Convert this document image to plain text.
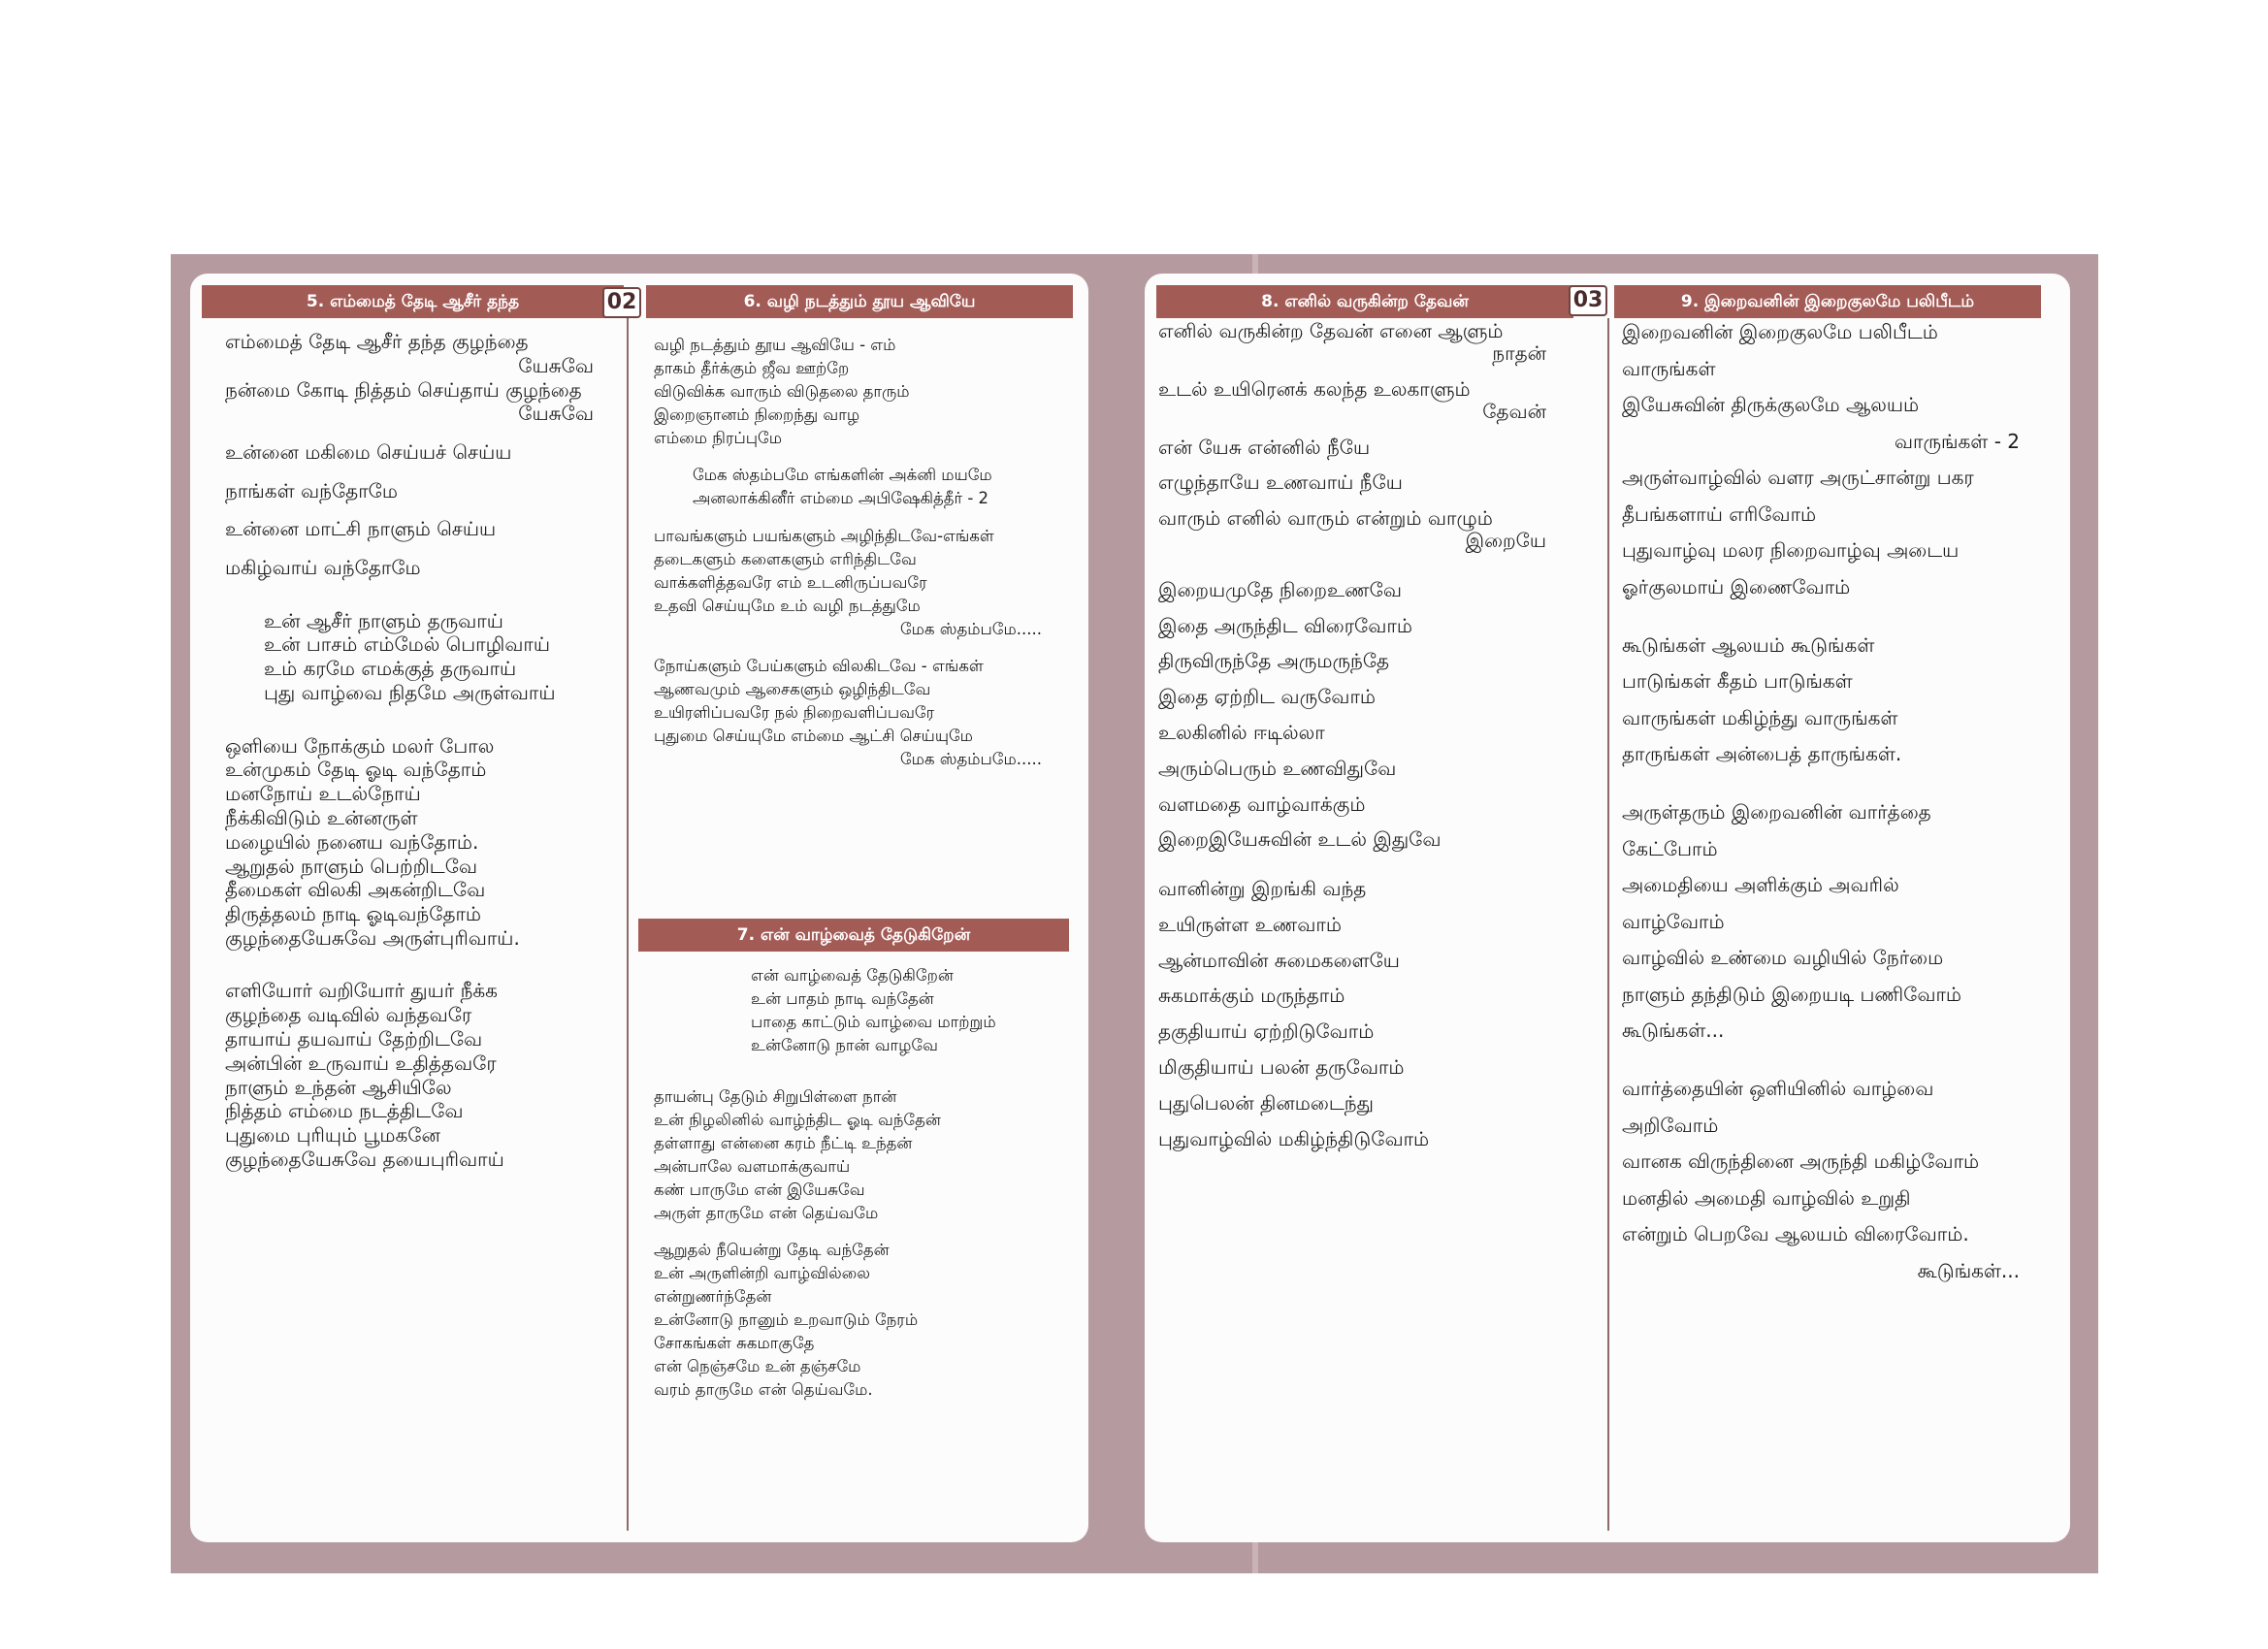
5. எம்மைத் தேடி ஆசீர் தந்த	02	6. வழி நடத்தும் தூய ஆவியே
எம்மைத் தேடி ஆசீர் தந்த குழந்தை
யேசுவே
நன்மை கோடி நித்தம் செய்தாய் குழந்தை
யேசுவே
உன்னை மகிமை செய்யச் செய்ய
நாங்கள் வந்தோமே
உன்னை மாட்சி நாளும் செய்ய
மகிழ்வாய் வந்தோமே
உன் ஆசீர் நாளும் தருவாய்
உன் பாசம் எம்மேல் பொழிவாய்
உம் கரமே எமக்குத் தருவாய்
புது வாழ்வை நிதமே அருள்வாய்
ஒளியை நோக்கும் மலர் போல
உன்முகம் தேடி ஓடி வந்தோம்
மனநோய் உடல்நோய்
நீக்கிவிடும் உன்னருள்
மழையில் நனைய வந்தோம்.
ஆறுதல் நாளும் பெற்றிடவே
தீமைகள் விலகி அகன்றிடவே
திருத்தலம் நாடி ஓடிவந்தோம்
குழந்தையேசுவே அருள்புரிவாய்.
எளியோர் வறியோர் துயர் நீக்க
குழந்தை வடிவில் வந்தவரே
தாயாய் தயவாய் தேற்றிடவே
அன்பின் உருவாய் உதித்தவரே
நாளும் உந்தன் ஆசியிலே
நித்தம் எம்மை நடத்திடவே
புதுமை புரியும் பூமகனே
குழந்தையேசுவே தயைபுரிவாய்
வழி நடத்தும் தூய ஆவியே - எம்
தாகம் தீர்க்கும் ஜீவ ஊற்றே
விடுவிக்க வாரும் விடுதலை தாரும்
இறைஞானம் நிறைந்து வாழ
எம்மை நிரப்புமே
மேக ஸ்தம்பமே எங்களின் அக்னி மயமே
அனலாக்கினீர் எம்மை அபிஷேகித்தீர் - 2
பாவங்களும் பயங்களும் அழிந்திடவே-எங்கள்
தடைகளும் களைகளும் எரிந்திடவே
வாக்களித்தவரே எம் உடனிருப்பவரே
உதவி செய்யுமே உம் வழி நடத்துமே
மேக ஸ்தம்பமே.....
நோய்களும் பேய்களும் விலகிடவே - எங்கள்
ஆணவமும் ஆசைகளும் ஒழிந்திடவே
உயிரளிப்பவரே நல் நிறைவளிப்பவரே
புதுமை செய்யுமே எம்மை ஆட்சி செய்யுமே
மேக ஸ்தம்பமே.....
7. என் வாழ்வைத் தேடுகிறேன்
என் வாழ்வைத் தேடுகிறேன்
உன் பாதம் நாடி வந்தேன்
பாதை காட்டும் வாழ்வை மாற்றும்
உன்னோடு நான் வாழவே
தாயன்பு தேடும் சிறுபிள்ளை நான்
உன் நிழலினில் வாழ்ந்திட ஓடி வந்தேன்
தள்ளாது என்னை கரம் நீட்டி உந்தன்
அன்பாலே வளமாக்குவாய்
கண் பாருமே என் இயேசுவே
அருள் தாருமே என் தெய்வமே
ஆறுதல் நீயென்று தேடி வந்தேன்
உன் அருளின்றி வாழ்வில்லை
என்றுணர்ந்தேன்
உன்னோடு நானும் உறவாடும் நேரம்
சோகங்கள் சுகமாகுதே
என் நெஞ்சமே உன் தஞ்சமே
வரம் தாருமே என் தெய்வமே.
8. எனில் வருகின்ற தேவன்	03	9. இறைவனின் இறைகுலமே பலிபீடம்
எனில் வருகின்ற தேவன் எனை ஆளும்
நாதன்
உடல் உயிரெனக் கலந்த உலகாளும்
தேவன்
என் யேசு என்னில் நீயே
எழுந்தாயே உணவாய் நீயே
வாரும் எனில் வாரும் என்றும் வாழும்
இறையே
இறையமுதே நிறைஉணவே
இதை அருந்திட விரைவோம்
திருவிருந்தே அருமருந்தே
இதை ஏற்றிட வருவோம்
உலகினில் ஈடில்லா
அரும்பெரும் உணவிதுவே
வளமதை வாழ்வாக்கும்
இறைஇயேசுவின் உடல் இதுவே
வானின்று இறங்கி வந்த
உயிருள்ள உணவாம்
ஆன்மாவின் சுமைகளையே
சுகமாக்கும் மருந்தாம்
தகுதியாய் ஏற்றிடுவோம்
மிகுதியாய் பலன் தருவோம்
புதுபெலன் தினமடைந்து
புதுவாழ்வில் மகிழ்ந்திடுவோம்
இறைவனின் இறைகுலமே பலிபீடம்
வாருங்கள்
இயேசுவின் திருக்குலமே ஆலயம்
வாருங்கள் - 2
அருள்வாழ்வில் வளர அருட்சான்று பகர
தீபங்களாய் எரிவோம்
புதுவாழ்வு மலர நிறைவாழ்வு அடைய
ஓர்குலமாய் இணைவோம்
கூடுங்கள் ஆலயம் கூடுங்கள்
பாடுங்கள் கீதம் பாடுங்கள்
வாருங்கள் மகிழ்ந்து வாருங்கள்
தாருங்கள் அன்பைத் தாருங்கள்.
அருள்தரும் இறைவனின் வார்த்தை
கேட்போம்
அமைதியை அளிக்கும் அவரில்
வாழ்வோம்
வாழ்வில் உண்மை வழியில் நேர்மை
நாளும் தந்திடும் இறையடி பணிவோம்
கூடுங்கள்...
வார்த்தையின் ஒளியினில் வாழ்வை
அறிவோம்
வானக விருந்தினை அருந்தி மகிழ்வோம்
மனதில் அமைதி வாழ்வில் உறுதி
என்றும் பெறவே ஆலயம் விரைவோம்.
கூடுங்கள்...
